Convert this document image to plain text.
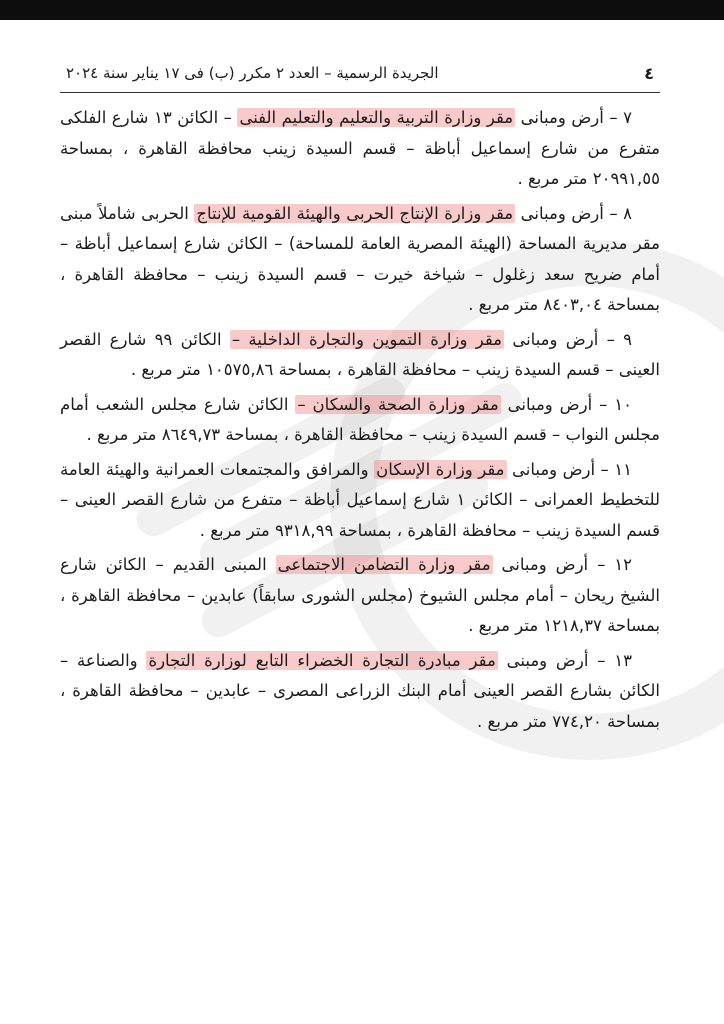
٤
الجريدة الرسمية – العدد ٢ مكرر (ب) فى ١٧ يناير سنة ٢٠٢٤
٧ – أرض ومبانى مقر وزارة التربية والتعليم والتعليم الفنى – الكائن ١٣ شارع الفلكى متفرع من شارع إسماعيل أباظة – قسم السيدة زينب محافظة القاهرة ، بمساحة ٢٠٩٩١,٥٥ متر مربع .
٨ – أرض ومبانى مقر وزارة الإنتاج الحربى والهيئة القومية للإنتاج الحربى شاملاً مبنى مقر مديرية المساحة (الهيئة المصرية العامة للمساحة) – الكائن شارع إسماعيل أباظة – أمام ضريح سعد زغلول – شياخة خيرت – قسم السيدة زينب – محافظة القاهرة ، بمساحة ٨٤٠٣,٠٤ متر مربع .
٩ – أرض ومبانى مقر وزارة التموين والتجارة الداخلية – الكائن ٩٩ شارع القصر العينى – قسم السيدة زينب – محافظة القاهرة ، بمساحة ١٠٥٧٥,٨٦ متر مربع .
١٠ – أرض ومبانى مقر وزارة الصحة والسكان – الكائن شارع مجلس الشعب أمام مجلس النواب – قسم السيدة زينب – محافظة القاهرة ، بمساحة ٨٦٤٩,٧٣ متر مربع .
١١ – أرض ومبانى مقر وزارة الإسكان والمرافق والمجتمعات العمرانية والهيئة العامة للتخطيط العمرانى – الكائن ١ شارع إسماعيل أباظة – متفرع من شارع القصر العينى – قسم السيدة زينب – محافظة القاهرة ، بمساحة ٩٣١٨,٩٩ متر مربع .
١٢ – أرض ومبانى مقر وزارة التضامن الاجتماعى المبنى القديم – الكائن شارع الشيخ ريحان – أمام مجلس الشيوخ (مجلس الشورى سابقاً) عابدين – محافظة القاهرة ، بمساحة ١٢١٨,٣٧ متر مربع .
١٣ – أرض ومبنى مقر مبادرة التجارة الخضراء التابع لوزارة التجارة والصناعة – الكائن بشارع القصر العينى أمام البنك الزراعى المصرى – عابدين – محافظة القاهرة ، بمساحة ٧٧٤,٢٠ متر مربع .
